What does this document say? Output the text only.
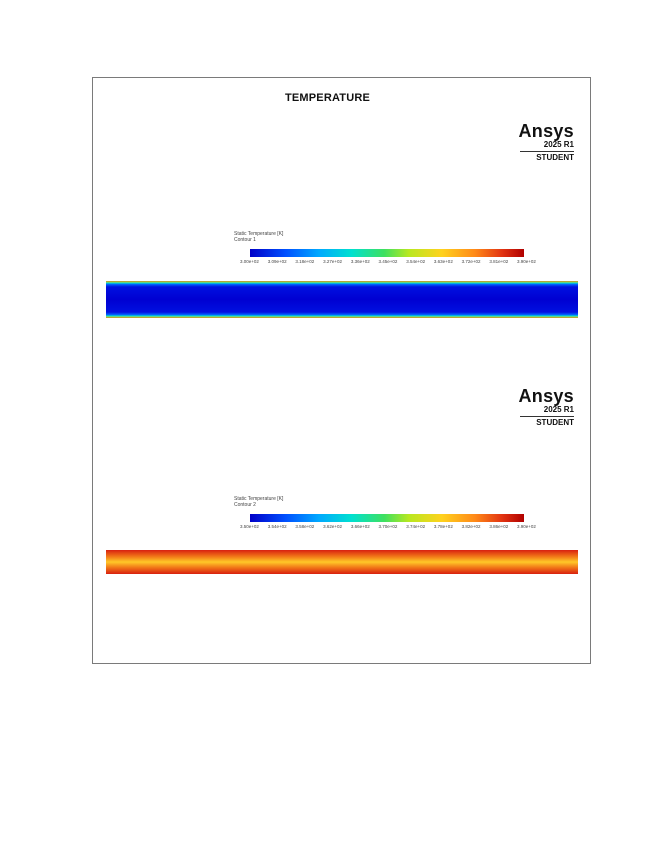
TEMPERATURE
Ansys
2025 R1
STUDENT
Static Temperature [K]
Contour 1
3.00e+02 3.09e+02 3.18e+02 3.27e+02 3.36e+02 3.45e+02 3.54e+02 3.63e+02 3.72e+02 3.81e+02 3.90e+02
Ansys
2025 R1
STUDENT
Static Temperature [K]
Contour 2
3.50e+02 3.54e+02 3.58e+02 3.62e+02 3.66e+02 3.70e+02 3.74e+02 3.78e+02 3.82e+02 3.86e+02 3.90e+02
